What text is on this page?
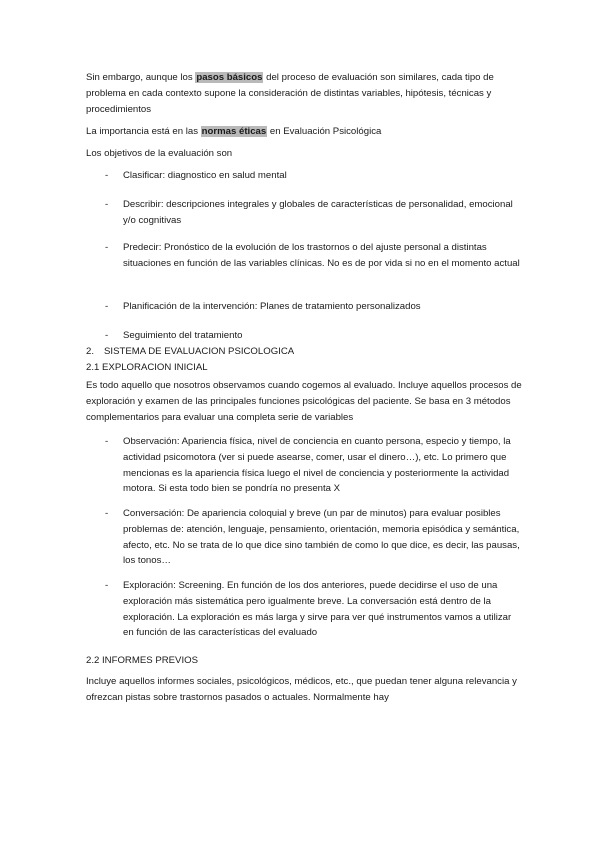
Sin embargo, aunque los pasos básicos del proceso de evaluación son similares, cada tipo de problema en cada contexto supone la consideración de distintas variables, hipótesis, técnicas y procedimientos

La importancia está en las normas éticas en Evaluación Psicológica

Los objetivos de la evaluación son

- Clasificar: diagnostico en salud mental

- Describir: descripciones integrales y globales de características de personalidad, emocional y/o cognitivas

- Predecir: Pronóstico de la evolución de los trastornos o del ajuste personal a distintas situaciones en función de las variables clínicas. No es de por vida si no en el momento actual

- Planificación de la intervención: Planes de tratamiento personalizados

- Seguimiento del tratamiento

2. SISTEMA DE EVALUACION PSICOLOGICA

2.1 EXPLORACION INICIAL

Es todo aquello que nosotros observamos cuando cogemos al evaluado. Incluye aquellos procesos de exploración y examen de las principales funciones psicológicas del paciente. Se basa en 3 métodos complementarios para evaluar una completa serie de variables

- Observación: Apariencia física, nivel de conciencia en cuanto persona, especio y tiempo, la actividad psicomotora (ver si puede asearse, comer, usar el dinero…), etc. Lo primero que mencionas es la apariencia física luego el nivel de conciencia y posteriormente la actividad motora. Si esta todo bien se pondría no presenta X

- Conversación: De apariencia coloquial y breve (un par de minutos) para evaluar posibles problemas de: atención, lenguaje, pensamiento, orientación, memoria episódica y semántica, afecto, etc. No se trata de lo que dice sino también de como lo que dice, es decir, las pausas, los tonos…

- Exploración: Screening. En función de los dos anteriores, puede decidirse el uso de una exploración más sistemática pero igualmente breve. La conversación está dentro de la exploración. La exploración es más larga y sirve para ver qué instrumentos vamos a utilizar en función de las características del evaluado

2.2 INFORMES PREVIOS

Incluye aquellos informes sociales, psicológicos, médicos, etc., que puedan tener alguna relevancia y ofrezcan pistas sobre trastornos pasados o actuales. Normalmente hay
